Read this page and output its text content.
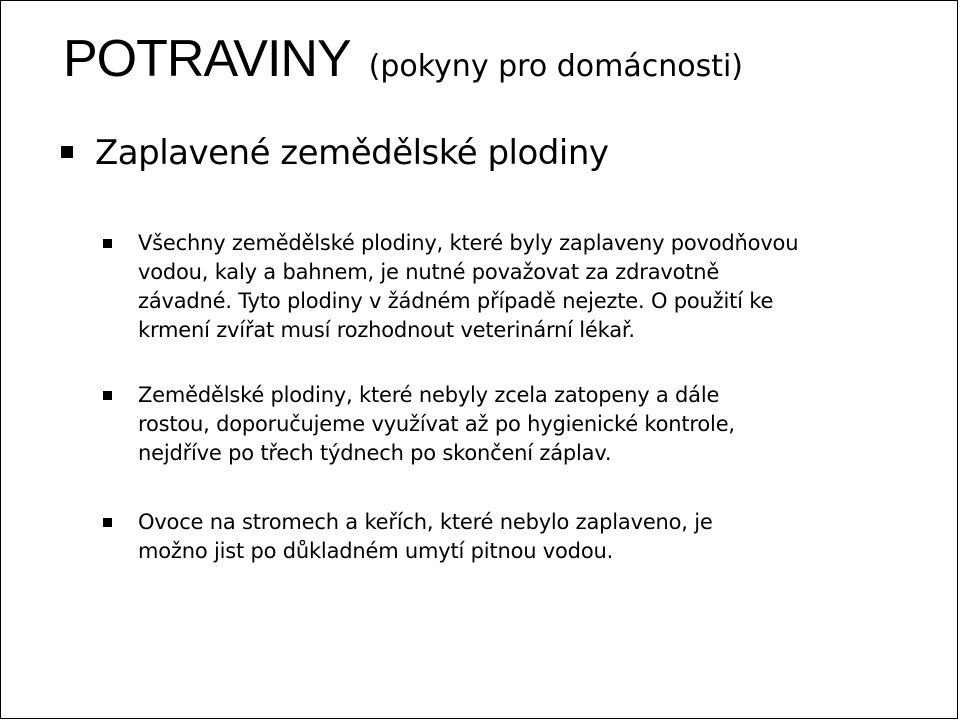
POTRAVINY (pokyny pro domácnosti)
Zaplavené zemědělské plodiny
Všechny zemědělské plodiny, které byly zaplaveny povodňovou
vodou, kaly a bahnem, je nutné považovat za zdravotně
závadné. Tyto plodiny v žádném případě nejezte. O použití ke
krmení zvířat musí rozhodnout veterinární lékař.
Zemědělské plodiny, které nebyly zcela zatopeny a dále
rostou, doporučujeme využívat až po hygienické kontrole,
nejdříve po třech týdnech po skončení záplav.
Ovoce na stromech a keřích, které nebylo zaplaveno, je
možno jist po důkladném umytí pitnou vodou.
